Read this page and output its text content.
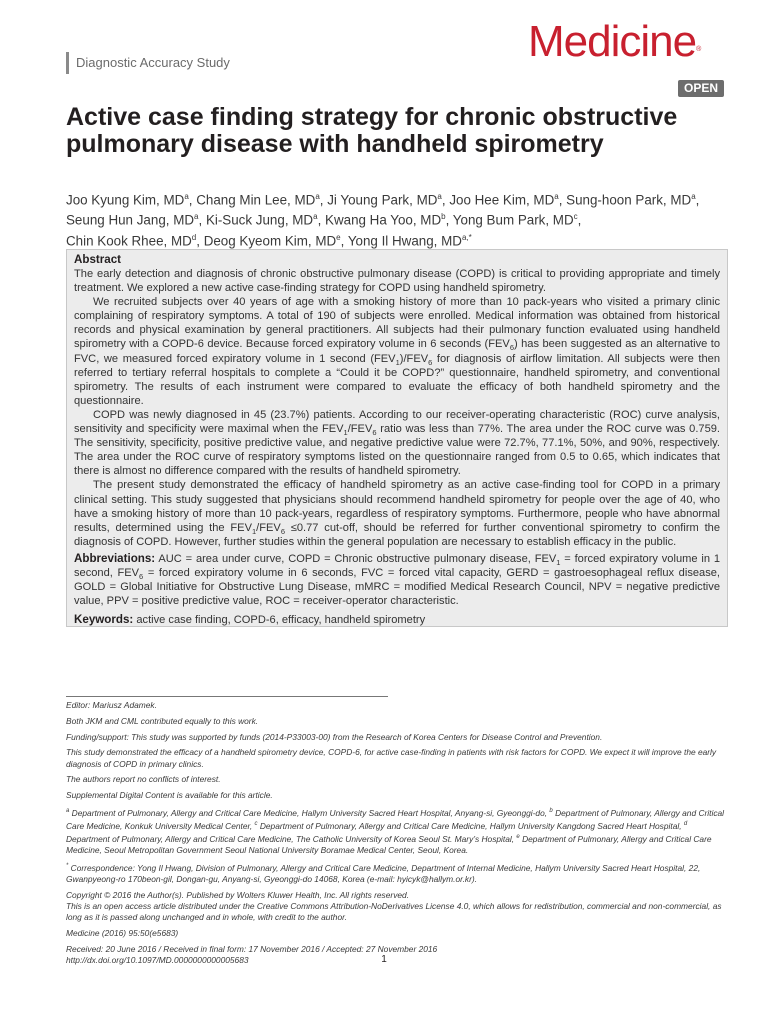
Diagnostic Accuracy Study	Medicine®
OPEN
Active case finding strategy for chronic obstructive pulmonary disease with handheld spirometry

Joo Kyung Kim, $MD^a$, Chang Min Lee, $MD^a$, Ji Young Park, $MD^a$, Joo Hee Kim, $MD^a$, Sung-hoon Park, $MD^a$,
Seung Hun Jang, $MD^a$, Ki-Suck Jung, $MD^a$, Kwang Ha Yoo, $MD^b$, Yong Bum Park, $MD^c$,
Chin Kook Rhee, $MD^d$, Deog Kyeom Kim, MDe, Yong Il Hwang, $MD^{a,*}$

Abstract

The early detection and diagnosis of chronic obstructive pulmonary disease (COPD) is critical to providing appropriate and timely treatment. We explored a new active case-finding strategy for COPD using handheld spirometry.

We recruited subjects over 40 years of age with a smoking history of more than 10 pack-years who visited a primary clinic complaining of respiratory symptoms. A total of 190 of subjects were enrolled. Medical information was obtained from historical records and physical examination by general practitioners. All subjects had their pulmonary function evaluated using handheld spirometry with a COPD-6 device. Because forced expiratory volume in 6 seconds $(FEV_6)$ has been suggested as an alternative to FVC, we measured forced expiratory volume in 1 second $(FEV_1)/FEV_6$ for diagnosis of airflow limitation. All subjects were then referred to tertiary referral hospitals to complete a “Could it be COPD?” questionnaire, handheld spirometry, and conventional spirometry. The results of each instrument were compared to evaluate the efficacy of both handheld spirometry and the questionnaire.

COPD was newly diagnosed in 45 (23.7%) patients. According to our receiver-operating characteristic (ROC) curve analysis, sensitivity and specificity were maximal when the $FEV_1/FEV_6$ ratio was less than 77%. The area under the ROC curve was 0.759. The sensitivity, specificity, positive predictive value, and negative predictive value were 72.7%, 77.1%, 50%, and 90%, respectively. The area under the ROC curve of respiratory symptoms listed on the questionnaire ranged from 0.5 to 0.65, which indicates that there is almost no difference compared with the results of handheld spirometry.

The present study demonstrated the efficacy of handheld spirometry as an active case-finding tool for COPD in a primary clinical setting. This study suggested that physicians should recommend handheld spirometry for people over the age of 40, who have a smoking history of more than 10 pack-years, regardless of respiratory symptoms. Furthermore, people who have abnormal results, determined using the $FEV_1/FEV_6 \le 0.77$ cut-off, should be referred for further conventional spirometry to confirm the diagnosis of COPD. However, further studies within the general population are necessary to establish efficacy in the public.

Abbreviations: AUC = area under curve, COPD = Chronic obstructive pulmonary disease, $FEV_1$ = forced expiratory volume in 1 second, $FEV_6$ = forced expiratory volume in 6 seconds, FVC = forced vital capacity, GERD = gastroesophageal reflux disease, GOLD = Global Initiative for Obstructive Lung Disease, mMRC = modified Medical Research Council, NPV = negative predictive value, PPV = positive predictive value, ROC = receiver-operator characteristic.

Keywords: active case finding, COPD-6, efficacy, handheld spirometry

Editor: Mariusz Adamek.

Both JKM and CML contributed equally to this work.

Funding/support: This study was supported by funds (2014-P33003-00) from the Research of Korea Centers for Disease Control and Prevention.

This study demonstrated the efficacy of a handheld spirometry device, COPD-6, for active case-finding in patients with risk factors for COPD. We expect it will improve the early diagnosis of COPD in primary clinics.

The authors report no conflicts of interest.

Supplemental Digital Content is available for this article.

$^a$ Department of Pulmonary, Allergy and Critical Care Medicine, Hallym University Sacred Heart Hospital, Anyang-si, Gyeonggi-do, $^b$ Department of Pulmonary, Allergy and Critical Care Medicine, Konkuk University Medical Center, $^c$ Department of Pulmonary, Allergy and Critical Care Medicine, Hallym University Kangdong Sacred Heart Hospital, $^d$ Department of Pulmonary, Allergy and Critical Care Medicine, The Catholic University of Korea Seoul St. Mary’s Hospital, $^e$ Department of Pulmonary, Allergy and Critical Care Medicine, Seoul Metropolitan Government Seoul National University Boramae Medical Center, Seoul, Korea.

* Correspondence: Yong Il Hwang, Division of Pulmonary, Allergy and Critical Care Medicine, Department of Internal Medicine, Hallym University Sacred Heart Hospital, 22, Gwanpyeong-ro 170beon-gil, Dongan-gu, Anyang-si, Gyeonggi-do 14068, Korea (e-mail: hyicyk@hallym.or.kr).

Copyright © 2016 the Author(s). Published by Wolters Kluwer Health, Inc. All rights reserved.

This is an open access article distributed under the Creative Commons Attribution-NoDerivatives License 4.0, which allows for redistribution, commercial and non-commercial, as long as it is passed along unchanged and in whole, with credit to the author.

Medicine (2016) 95:50(e5683)

Received: 20 June 2016 / Received in final form: 17 November 2016 / Accepted: 27 November 2016

http://dx.doi.org/10.1097/MD.0000000000005683	1
